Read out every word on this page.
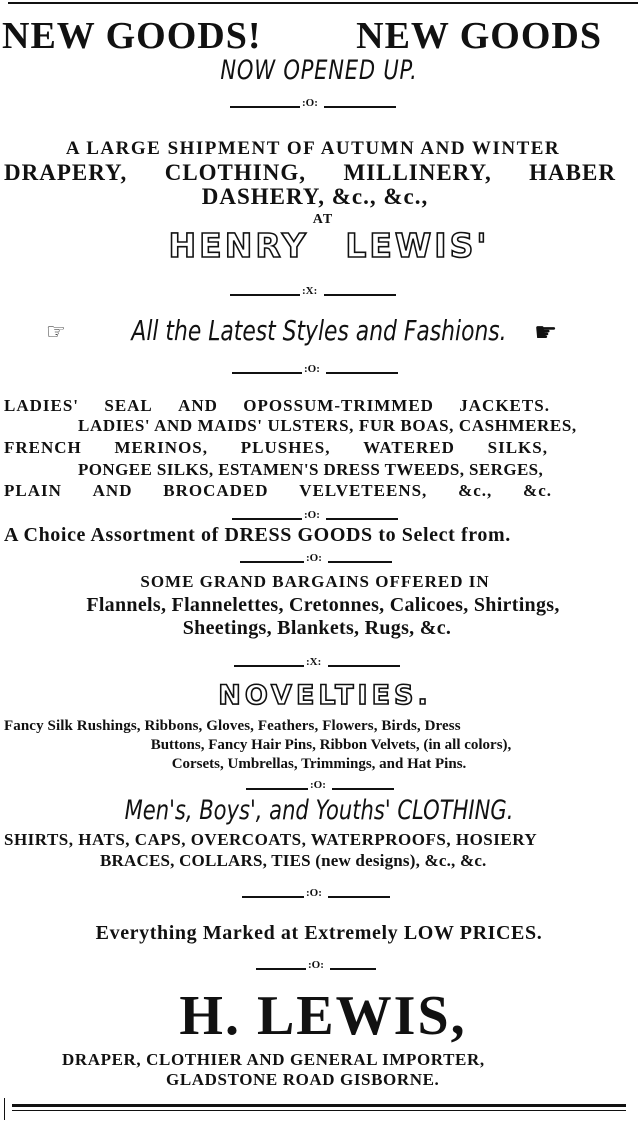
NEW GOODS! NEW GOODS
NOW OPENED UP.
:O:
A LARGE SHIPMENT OF AUTUMN AND WINTER
DRAPERY, CLOTHING, MILLINERY, HABER
DASHERY, &c., &c.,
AT
HENRY LEWIS'
:X:
☞	All the Latest Styles and Fashions.	☛
:O:
LADIES' SEAL AND OPOSSUM-TRIMMED JACKETS.
LADIES' AND MAIDS' ULSTERS, FUR BOAS, CASHMERES,
FRENCH MERINOS, PLUSHES, WATERED SILKS,
PONGEE SILKS, ESTAMEN'S DRESS TWEEDS, SERGES,
PLAIN AND BROCADED VELVETEENS, &c., &c.
:O:
A Choice Assortment of DRESS GOODS to Select from.
:O:
SOME GRAND BARGAINS OFFERED IN
Flannels, Flannelettes, Cretonnes, Calicoes, Shirtings,
Sheetings, Blankets, Rugs, &c.
:X:
NOVELTIES.
Fancy Silk Rushings, Ribbons, Gloves, Feathers, Flowers, Birds, Dress
Buttons, Fancy Hair Pins, Ribbon Velvets, (in all colors),
Corsets, Umbrellas, Trimmings, and Hat Pins.
:O:
Men's, Boys', and Youths' CLOTHING.
SHIRTS, HATS, CAPS, OVERCOATS, WATERPROOFS, HOSIERY
BRACES, COLLARS, TIES (new designs), &c., &c.
:O:
Everything Marked at Extremely LOW PRICES.
:O:
H. LEWIS,
DRAPER, CLOTHIER AND GENERAL IMPORTER,
GLADSTONE ROAD GISBORNE.
